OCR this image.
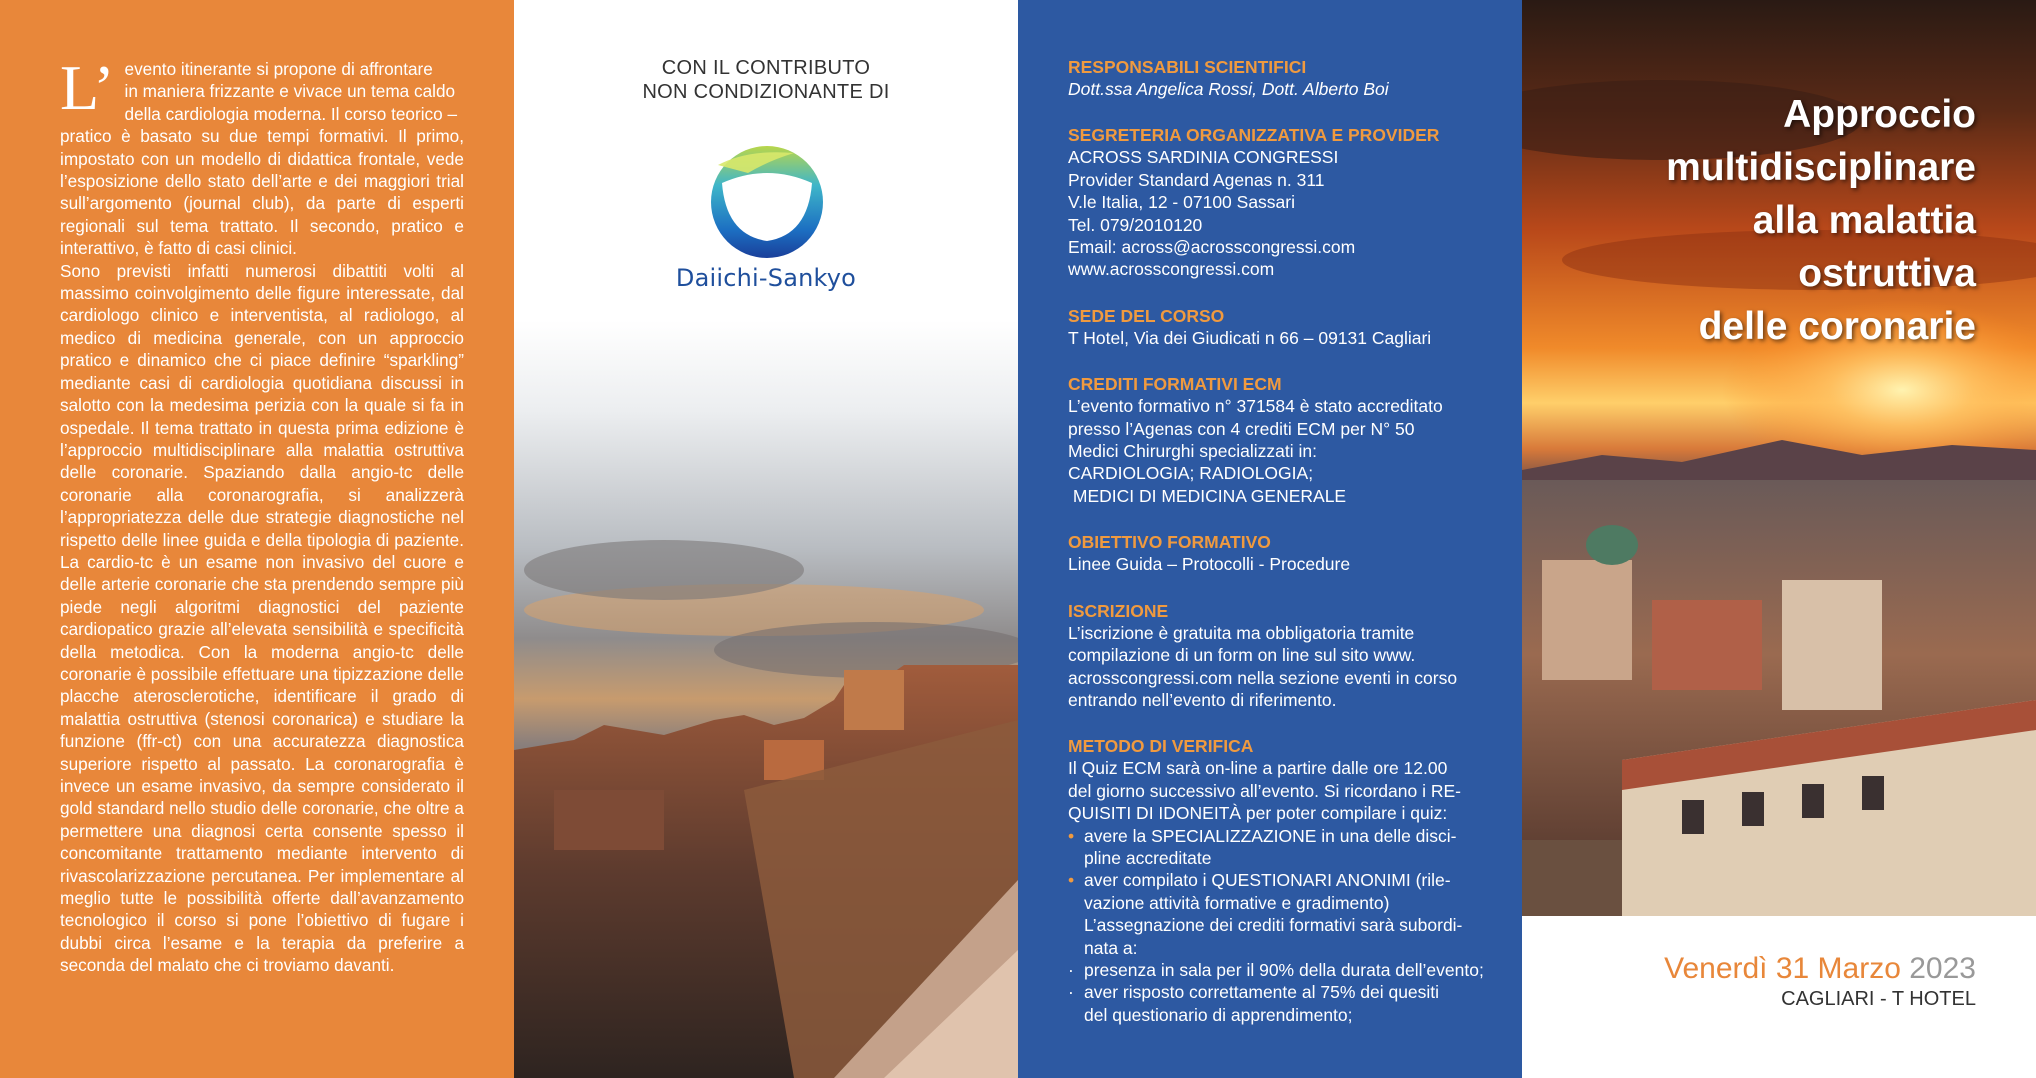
L’ evento itinerante si propone di affrontare

in maniera frizzante e vivace un tema caldo

della cardiologia moderna. Il corso teorico –

pratico è basato su due tempi formativi. Il primo, impostato con un modello di didattica frontale, vede l’esposizione dello stato dell’arte e dei maggiori trial sull’argomento (journal club), da parte di esperti regionali sul tema trattato. Il secondo, pratico e interattivo, è fatto di casi clinici.

Sono previsti infatti numerosi dibattiti volti al massimo coinvolgimento delle figure interessate, dal cardiologo clinico e interventista, al radiologo, al medico di medicina generale, con un approccio pratico e dinamico che ci piace definire “sparkling” mediante casi di cardiologia quotidiana discussi in salotto con la medesima perizia con la quale si fa in ospedale. Il tema trattato in questa prima edizione è l’approccio multidisciplinare alla malattia ostruttiva delle coronarie. Spaziando dalla angio-tc delle coronarie alla coronarografia, si analizzerà l’appropriatezza delle due strategie diagnostiche nel rispetto delle linee guida e della tipologia di paziente. La cardio-tc è un esame non invasivo del cuore e delle arterie coronarie che sta prendendo sempre più piede negli algoritmi diagnostici del paziente cardiopatico grazie all’elevata sensibilità e specificità della metodica. Con la moderna angio-tc delle coronarie è possibile effettuare una tipizzazione delle placche aterosclerotiche, identificare il grado di malattia ostruttiva (stenosi coronarica) e studiare la funzione (ffr-ct) con una accuratezza diagnostica superiore rispetto al passato. La coronarografia è invece un esame invasivo, da sempre considerato il gold standard nello studio delle coronarie, che oltre a permettere una diagnosi certa consente spesso il concomitante trattamento mediante intervento di rivascolarizzazione percutanea. Per implementare al meglio tutte le possibilità offerte dall’avanzamento tecnologico il corso si pone l’obiettivo di fugare i dubbi circa l’esame e la terapia da preferire a seconda del malato che ci troviamo davanti.

CON IL CONTRIBUTO
NON CONDIZIONANTE DI
Daiichi-Sankyo
RESPONSABILI SCIENTIFICI
Dott.ssa Angelica Rossi, Dott. Alberto Boi
SEGRETERIA ORGANIZZATIVA E PROVIDER
ACROSS SARDINIA CONGRESSI
Provider Standard Agenas n. 311
V.le Italia, 12 - 07100 Sassari
Tel. 079/2010120
Email: across@acrosscongressi.com
www.acrosscongressi.com
SEDE DEL CORSO
T Hotel, Via dei Giudicati n 66 – 09131 Cagliari
CREDITI FORMATIVI ECM
L’evento formativo n° 371584 è stato accreditato
presso l’Agenas con 4 crediti ECM per N° 50
Medici Chirurghi specializzati in:
CARDIOLOGIA; RADIOLOGIA;
MEDICI DI MEDICINA GENERALE
OBIETTIVO FORMATIVO
Linee Guida – Protocolli - Procedure
ISCRIZIONE
L’iscrizione è gratuita ma obbligatoria tramite
compilazione di un form on line sul sito www.
acrosscongressi.com nella sezione eventi in corso
entrando nell’evento di riferimento.
METODO DI VERIFICA
Il Quiz ECM sarà on-line a partire dalle ore 12.00
del giorno successivo all’evento. Si ricordano i RE-
QUISITI DI IDONEITÀ per poter compilare i quiz:
• avere la SPECIALIZZAZIONE in una delle disci-
pline accreditate
• aver compilato i QUESTIONARI ANONIMI (rile-
vazione attività formative e gradimento)
L’assegnazione dei crediti formativi sarà subordi-
nata a:
· presenza in sala per il 90% della durata dell’evento;
· aver risposto correttamente al 75% dei quesiti
del questionario di apprendimento;
Approccio
multidisciplinare
alla malattia
ostruttiva
delle coronarie
Venerdì 31 Marzo 2023
CAGLIARI - T HOTEL
